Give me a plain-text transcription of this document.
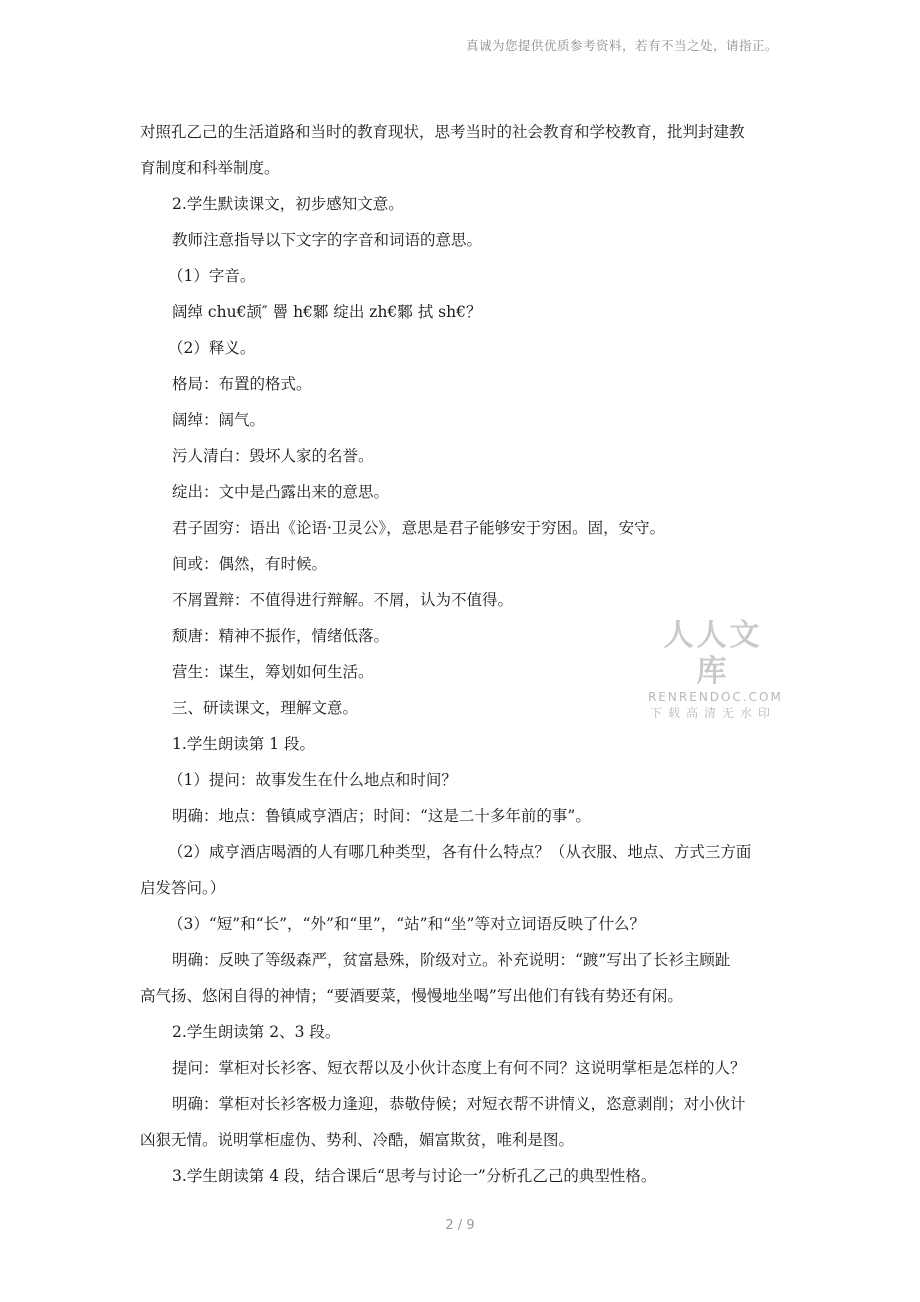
真诚为您提供优质参考资料，若有不当之处，请指正。

对照孔乙己的生活道路和当时的教育现状，思考当时的社会教育和学校教育，批判封建教

育制度和科举制度。

2.学生默读课文，初步感知文意。

教师注意指导以下文字的字音和词语的意思。

（1）字音。

阔绰 chu€颉″ 罾 h€鄹 绽出 zh€鄹 拭 sh€？

（2）释义。

格局：布置的格式。

阔绰：阔气。

污人清白：毁坏人家的名誉。

绽出：文中是凸露出来的意思。

君子固穷：语出《论语·卫灵公》，意思是君子能够安于穷困。固，安守。

间或：偶然，有时候。

不屑置辩：不值得进行辩解。不屑，认为不值得。

颓唐：精神不振作，情绪低落。

营生：谋生，筹划如何生活。

三、研读课文，理解文意。

1.学生朗读第 1 段。

（1）提问：故事发生在什么地点和时间？

明确：地点：鲁镇咸亨酒店；时间：“这是二十多年前的事”。

（2）咸亨酒店喝酒的人有哪几种类型，各有什么特点？（从衣服、地点、方式三方面

启发答问。）

（3）“短”和“长”，“外”和“里”，“站”和“坐”等对立词语反映了什么？

明确：反映了等级森严，贫富悬殊，阶级对立。补充说明：“踱”写出了长衫主顾趾

高气扬、悠闲自得的神情；“要酒要菜，慢慢地坐喝”写出他们有钱有势还有闲。

2.学生朗读第 2、3 段。

提问：掌柜对长衫客、短衣帮以及小伙计态度上有何不同？这说明掌柜是怎样的人？

明确：掌柜对长衫客极力逢迎，恭敬侍候；对短衣帮不讲情义，恣意剥削；对小伙计

凶狠无情。说明掌柜虚伪、势利、冷酷，媚富欺贫，唯利是图。

3.学生朗读第 4 段，结合课后“思考与讨论一”分析孔乙己的典型性格。

人人文库
RENRENDOC.COM
下载高清无水印
2 / 9
